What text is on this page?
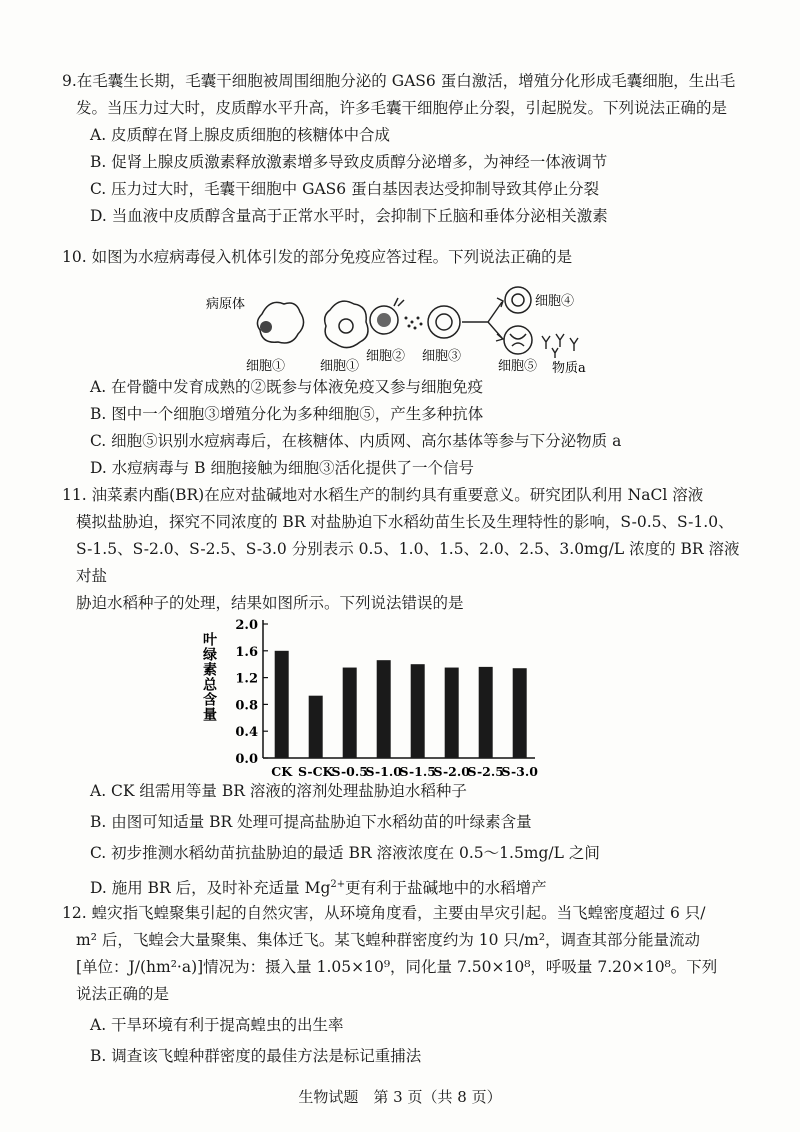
9.在毛囊生长期，毛囊干细胞被周围细胞分泌的 GAS6 蛋白激活，增殖分化形成毛囊细胞，生出毛

发。当压力过大时，皮质醇水平升高，许多毛囊干细胞停止分裂，引起脱发。下列说法正确的是

A. 皮质醇在肾上腺皮质细胞的核糖体中合成

B. 促肾上腺皮质激素释放激素增多导致皮质醇分泌增多，为神经一体液调节

C. 压力过大时，毛囊干细胞中 GAS6 蛋白基因表达受抑制导致其停止分裂

D. 当血液中皮质醇含量高于正常水平时，会抑制下丘脑和垂体分泌相关激素

10. 如图为水痘病毒侵入机体引发的部分免疫应答过程。下列说法正确的是

病原体
细胞①	细胞①
细胞② 细胞③
细胞④
细胞⑤ 物质a

A. 在骨髓中发育成熟的②既参与体液免疫又参与细胞免疫

B. 图中一个细胞③增殖分化为多种细胞⑤，产生多种抗体

C. 细胞⑤识别水痘病毒后，在核糖体、内质网、高尔基体等参与下分泌物质 a

D. 水痘病毒与 B 细胞接触为细胞③活化提供了一个信号

11. 油菜素内酯(BR)在应对盐碱地对水稻生产的制约具有重要意义。研究团队利用 NaCl 溶液

模拟盐胁迫，探究不同浓度的 BR 对盐胁迫下水稻幼苗生长及生理特性的影响，S-0.5、S-1.0、

S-1.5、S-2.0、S-2.5、S-3.0 分别表示 0.5、1.0、1.5、2.0、2.5、3.0mg/L 浓度的 BR 溶液对盐

胁迫水稻种子的处理，结果如图所示。下列说法错误的是

叶绿素总含量
0.0
0.4
0.8
1.2
1.6
2.0
CK S-CK
S-0.5
S-1.0
S-1.5
S-2.0
S-2.5
S-3.0

A. CK 组需用等量 BR 溶液的溶剂处理盐胁迫水稻种子

B. 由图可知适量 BR 处理可提高盐胁迫下水稻幼苗的叶绿素含量

C. 初步推测水稻幼苗抗盐胁迫的最适 BR 溶液浓度在 0.5～1.5mg/L 之间

D. 施用 BR 后，及时补充适量 $Mg^{2+}$更有利于盐碱地中的水稻增产

12. 蝗灾指飞蝗聚集引起的自然灾害，从环境角度看，主要由旱灾引起。当飞蝗密度超过 6 只/

m² 后，飞蝗会大量聚集、集体迁飞。某飞蝗种群密度约为 10 只/m²，调查其部分能量流动

[单位：J/(hm²·a)]情况为：摄入量 1.05×10⁹，同化量 7.50×10⁸，呼吸量 7.20×10⁸。下列

说法正确的是

A. 干旱环境有利于提高蝗虫的出生率

B. 调查该飞蝗种群密度的最佳方法是标记重捕法

生物试题　第 3 页（共 8 页）
